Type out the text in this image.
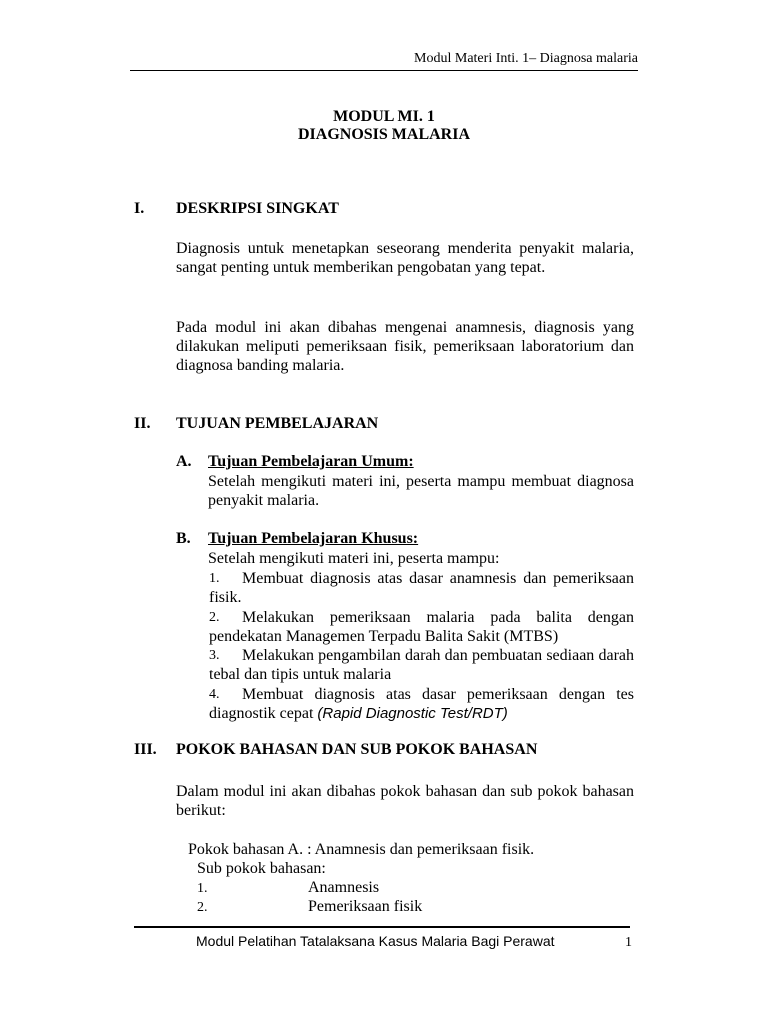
Modul Materi Inti. 1– Diagnosa malaria
MODUL MI. 1
DIAGNOSIS MALARIA
I. DESKRIPSI SINGKAT
Diagnosis untuk menetapkan seseorang menderita penyakit malaria, sangat penting untuk memberikan pengobatan yang tepat.
Pada modul ini akan dibahas mengenai anamnesis, diagnosis yang dilakukan meliputi pemeriksaan fisik, pemeriksaan laboratorium dan diagnosa banding malaria.
II. TUJUAN PEMBELAJARAN
A. Tujuan Pembelajaran Umum:
Setelah mengikuti materi ini, peserta mampu membuat diagnosa penyakit malaria.
B. Tujuan Pembelajaran Khusus:
Setelah mengikuti materi ini, peserta mampu:
1.	Membuat diagnosis atas dasar anamnesis dan pemeriksaan fisik.
2.	Melakukan pemeriksaan malaria pada balita dengan pendekatan Managemen Terpadu Balita Sakit (MTBS)
3.	Melakukan pengambilan darah dan pembuatan sediaan darah tebal dan tipis untuk malaria
4.	Membuat diagnosis atas dasar pemeriksaan dengan tes diagnostik cepat (Rapid Diagnostic Test/RDT)
III. POKOK BAHASAN DAN SUB POKOK BAHASAN
Dalam modul ini akan dibahas pokok bahasan dan sub pokok bahasan berikut:
Pokok bahasan A. : Anamnesis dan pemeriksaan fisik.
Sub pokok bahasan:
1.	Anamnesis
2.	Pemeriksaan fisik
Modul Pelatihan Tatalaksana Kasus Malaria Bagi Perawat	1
